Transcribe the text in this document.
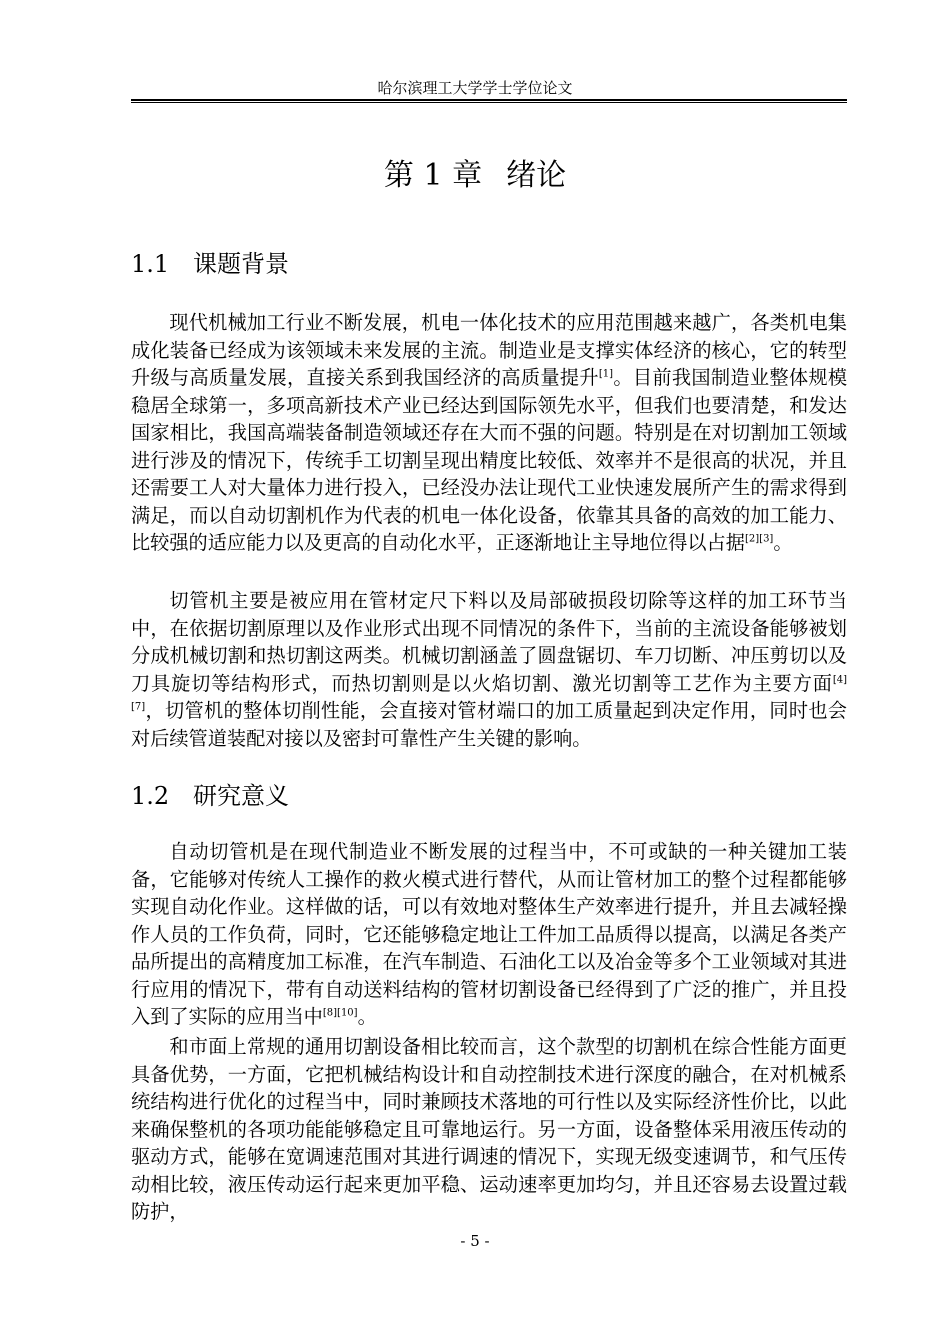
哈尔滨理工大学学士学位论文
第 1 章 绪论
1.1 课题背景

现代机械加工行业不断发展，机电一体化技术的应用范围越来越广，各类机电集成化装备已经成为该领域未来发展的主流。制造业是支撑实体经济的核心，它的转型升级与高质量发展，直接关系到我国经济的高质量提升[1]。目前我国制造业整体规模稳居全球第一，多项高新技术产业已经达到国际领先水平，但我们也要清楚，和发达国家相比，我国高端装备制造领域还存在大而不强的问题。特别是在对切割加工领域进行涉及的情况下，传统手工切割呈现出精度比较低、效率并不是很高的状况，并且还需要工人对大量体力进行投入，已经没办法让现代工业快速发展所产生的需求得到满足，而以自动切割机作为代表的机电一体化设备，依靠其具备的高效的加工能力、比较强的适应能力以及更高的自动化水平，正逐渐地让主导地位得以占据[2][3]。

切管机主要是被应用在管材定尺下料以及局部破损段切除等这样的加工环节当中，在依据切割原理以及作业形式出现不同情况的条件下，当前的主流设备能够被划分成机械切割和热切割这两类。机械切割涵盖了圆盘锯切、车刀切断、冲压剪切以及刀具旋切等结构形式，而热切割则是以火焰切割、激光切割等工艺作为主要方面[4][7]，切管机的整体切削性能，会直接对管材端口的加工质量起到决定作用，同时也会对后续管道装配对接以及密封可靠性产生关键的影响。

1.2 研究意义

自动切管机是在现代制造业不断发展的过程当中，不可或缺的一种关键加工装备，它能够对传统人工操作的救火模式进行替代，从而让管材加工的整个过程都能够实现自动化作业。这样做的话，可以有效地对整体生产效率进行提升，并且去减轻操作人员的工作负荷，同时，它还能够稳定地让工件加工品质得以提高，以满足各类产品所提出的高精度加工标准，在汽车制造、石油化工以及冶金等多个工业领域对其进行应用的情况下，带有自动送料结构的管材切割设备已经得到了广泛的推广，并且投入到了实际的应用当中[8][10]。

和市面上常规的通用切割设备相比较而言，这个款型的切割机在综合性能方面更具备优势，一方面，它把机械结构设计和自动控制技术进行深度的融合，在对机械系统结构进行优化的过程当中，同时兼顾技术落地的可行性以及实际经济性价比，以此来确保整机的各项功能能够稳定且可靠地运行。另一方面，设备整体采用液压传动的驱动方式，能够在宽调速范围对其进行调速的情况下，实现无级变速调节，和气压传动相比较，液压传动运行起来更加平稳、运动速率更加均匀，并且还容易去设置过载防护，

- 5 -
